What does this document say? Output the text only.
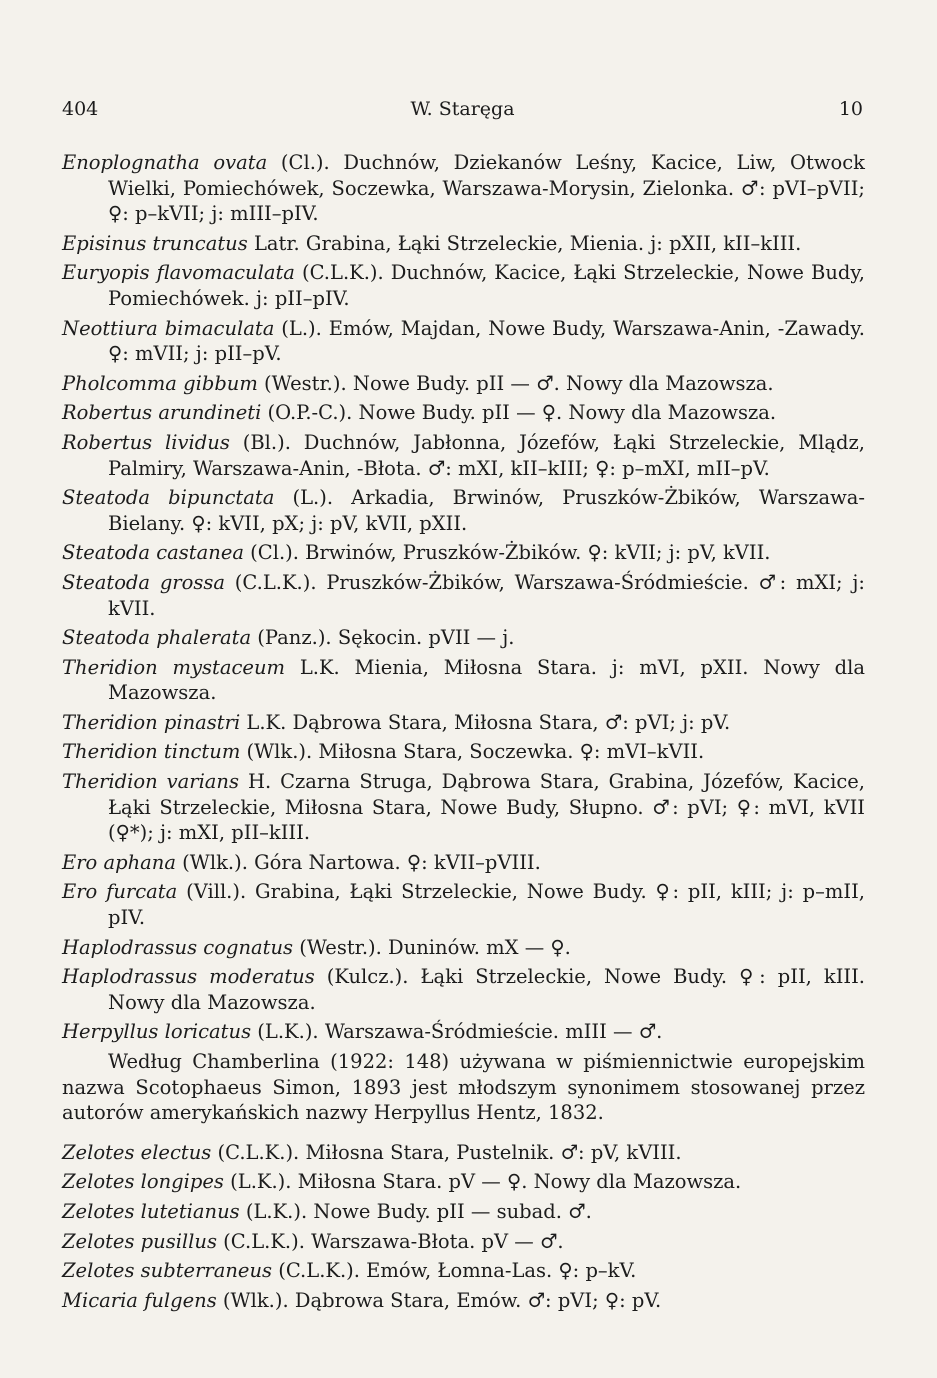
404	W. Staręga	10

Enoplognatha ovata (Cl.). Duchnów, Dziekanów Leśny, Kacice, Liw, Otwock Wielki, Pomiechówek, Soczewka, Warszawa-Morysin, Zielonka. ♂: pVI–pVII; ♀: p–kVII; j: mIII–pIV.

Episinus truncatus Latr. Grabina, Łąki Strzeleckie, Mienia. j: pXII, kII–kIII.

Euryopis flavomaculata (C.L.K.). Duchnów, Kacice, Łąki Strzeleckie, Nowe Budy, Pomiechówek. j: pII–pIV.

Neottiura bimaculata (L.). Emów, Majdan, Nowe Budy, Warszawa-Anin, -Zawady. ♀: mVII; j: pII–pV.

Pholcomma gibbum (Westr.). Nowe Budy. pII — ♂. Nowy dla Mazowsza.

Robertus arundineti (O.P.-C.). Nowe Budy. pII — ♀. Nowy dla Mazowsza.

Robertus lividus (Bl.). Duchnów, Jabłonna, Józefów, Łąki Strzeleckie, Mlądz, Palmiry, Warszawa-Anin, -Błota. ♂: mXI, kII–kIII; ♀: p–mXI, mII–pV.

Steatoda bipunctata (L.). Arkadia, Brwinów, Pruszków-Żbików, Warszawa-Bielany. ♀: kVII, pX; j: pV, kVII, pXII.

Steatoda castanea (Cl.). Brwinów, Pruszków-Żbików. ♀: kVII; j: pV, kVII.

Steatoda grossa (C.L.K.). Pruszków-Żbików, Warszawa-Śródmieście. ♂: mXI; j: kVII.

Steatoda phalerata (Panz.). Sękocin. pVII — j.

Theridion mystaceum L.K. Mienia, Miłosna Stara. j: mVI, pXII. Nowy dla Mazowsza.

Theridion pinastri L.K. Dąbrowa Stara, Miłosna Stara, ♂: pVI; j: pV.

Theridion tinctum (Wlk.). Miłosna Stara, Soczewka. ♀: mVI–kVII.

Theridion varians H. Czarna Struga, Dąbrowa Stara, Grabina, Józefów, Kacice, Łąki Strzeleckie, Miłosna Stara, Nowe Budy, Słupno. ♂: pVI; ♀: mVI, kVII (♀*); j: mXI, pII–kIII.

Ero aphana (Wlk.). Góra Nartowa. ♀: kVII–pVIII.

Ero furcata (Vill.). Grabina, Łąki Strzeleckie, Nowe Budy. ♀: pII, kIII; j: p–mII, pIV.

Haplodrassus cognatus (Westr.). Duninów. mX — ♀.

Haplodrassus moderatus (Kulcz.). Łąki Strzeleckie, Nowe Budy. ♀: pII, kIII. Nowy dla Mazowsza.

Herpyllus loricatus (L.K.). Warszawa-Śródmieście. mIII — ♂.

Według Chamberlina (1922: 148) używana w piśmiennictwie europejskim nazwa Scotophaeus Simon, 1893 jest młodszym synonimem stosowanej przez autorów amerykańskich nazwy Herpyllus Hentz, 1832.

Zelotes electus (C.L.K.). Miłosna Stara, Pustelnik. ♂: pV, kVIII.

Zelotes longipes (L.K.). Miłosna Stara. pV — ♀. Nowy dla Mazowsza.

Zelotes lutetianus (L.K.). Nowe Budy. pII — subad. ♂.

Zelotes pusillus (C.L.K.). Warszawa-Błota. pV — ♂.

Zelotes subterraneus (C.L.K.). Emów, Łomna-Las. ♀: p–kV.

Micaria fulgens (Wlk.). Dąbrowa Stara, Emów. ♂: pVI; ♀: pV.
